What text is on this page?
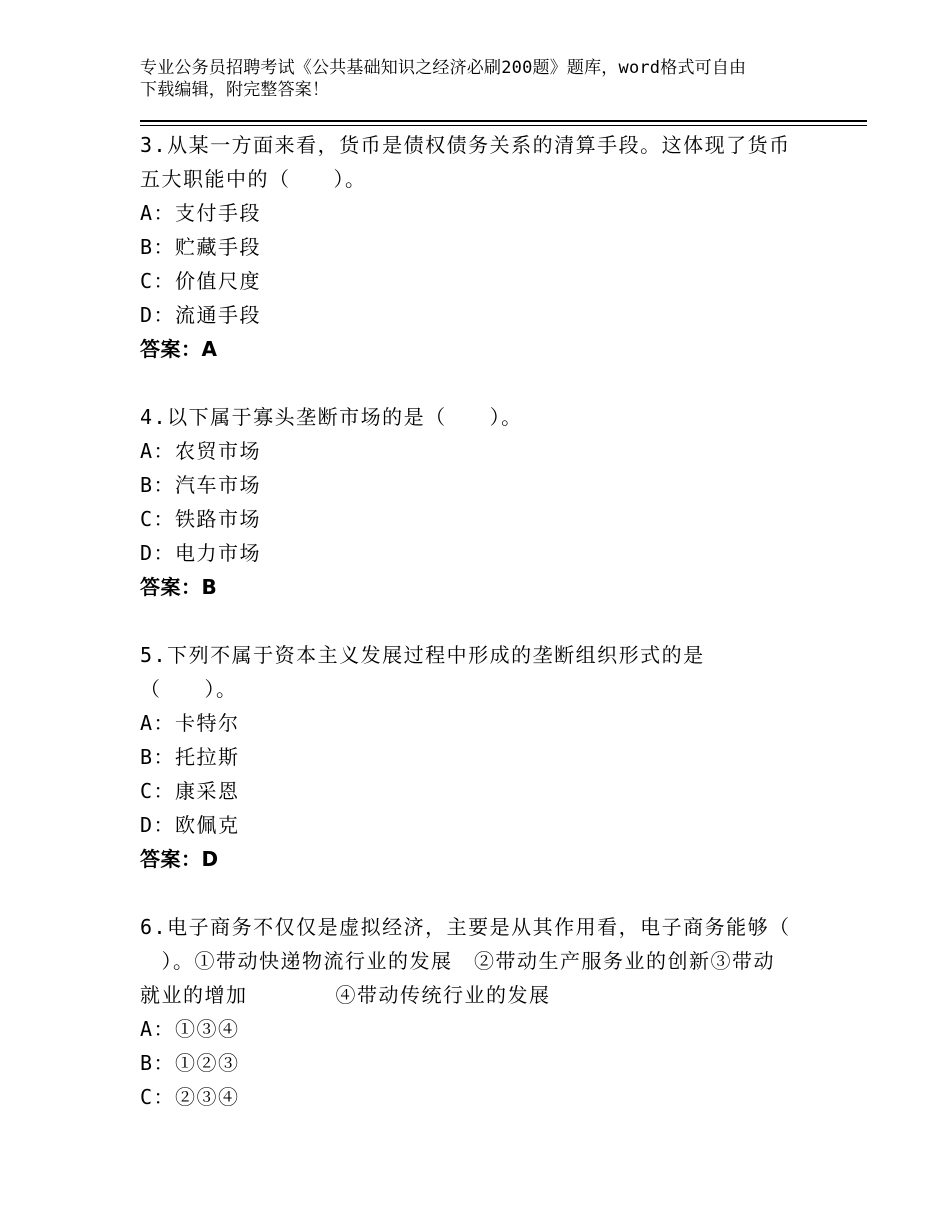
专业公务员招聘考试《公共基础知识之经济必刷200题》题库，word格式可自由
下载编辑，附完整答案！
3.从某一方面来看，货币是债权债务关系的清算手段。这体现了货币
五大职能中的（　　）。
A：支付手段
B：贮藏手段
C：价值尺度
D：流通手段
答案：A
4.以下属于寡头垄断市场的是（　　）。
A：农贸市场
B：汽车市场
C：铁路市场
D：电力市场
答案：B
5.下列不属于资本主义发展过程中形成的垄断组织形式的是
（　　）。
A：卡特尔
B：托拉斯
C：康采恩
D：欧佩克
答案：D
6.电子商务不仅仅是虚拟经济，主要是从其作用看，电子商务能够（
　）。①带动快递物流行业的发展　②带动生产服务业的创新③带动
就业的增加	④带动传统行业的发展
A：①③④
B：①②③
C：②③④
